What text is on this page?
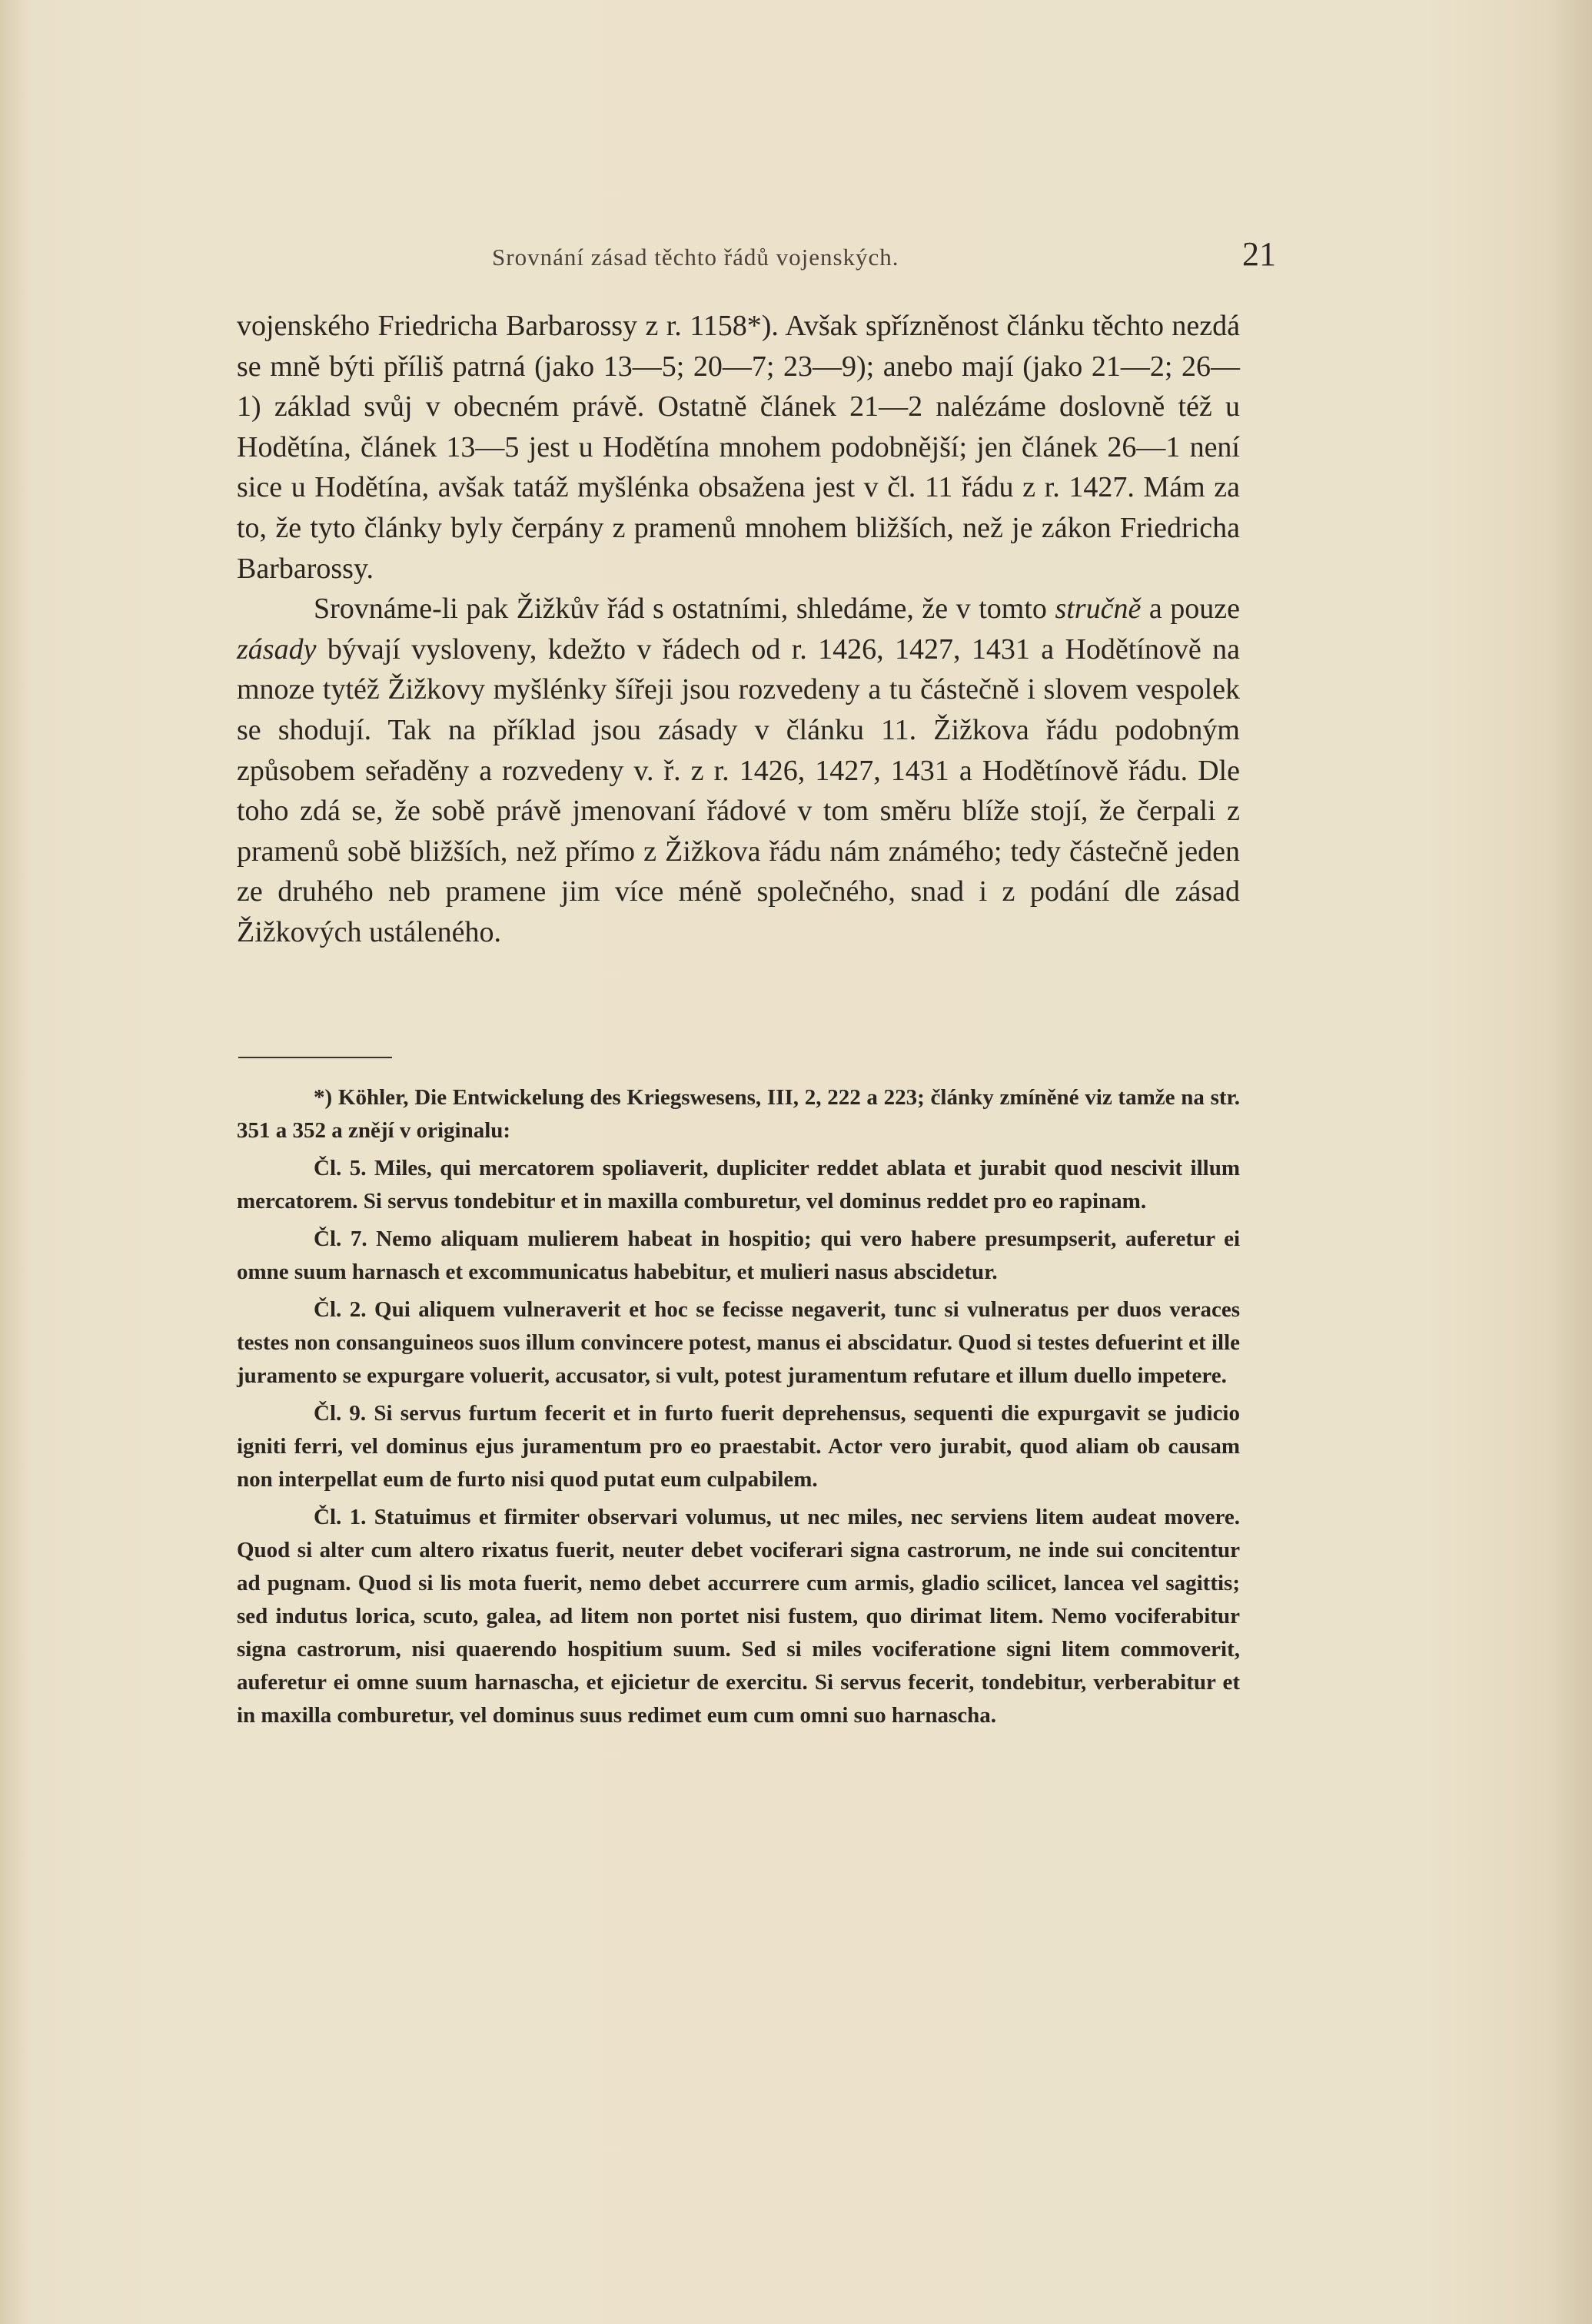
Srovnání zásad těchto řádů vojenských.	21

vojenského Friedricha Barbarossy z r. 1158*). Avšak spřízněnost článku těchto nezdá se mně býti příliš patrná (jako 13—5; 20—7; 23—9); anebo mají (jako 21—2; 26—1) základ svůj v obecném právě. Ostatně článek 21—2 nalézáme doslovně též u Hodětína, článek 13—5 jest u Hodětína mnohem podobnější; jen článek 26—1 není sice u Hodětína, avšak tatáž myšlénka obsažena jest v čl. 11 řádu z r. 1427. Mám za to, že tyto články byly čerpány z pramenů mnohem bližších, než je zákon Friedricha Barbarossy.

Srovnáme-li pak Žižkův řád s ostatními, shledáme, že v tomto stručně a pouze zásady bývají vysloveny, kdežto v řádech od r. 1426, 1427, 1431 a Hodětínově na mnoze tytéž Žižkovy myšlénky šířeji jsou rozvedeny a tu částečně i slovem vespolek se shodují. Tak na příklad jsou zásady v článku 11. Žižkova řádu podobným způsobem seřaděny a rozvedeny v. ř. z r. 1426, 1427, 1431 a Hodětínově řádu. Dle toho zdá se, že sobě právě jmenovaní řádové v tom směru blíže stojí, že čerpali z pramenů sobě bližších, než přímo z Žižkova řádu nám známého; tedy částečně jeden ze druhého neb pramene jim více méně společného, snad i z podání dle zásad Žižkových ustáleného.

*) Köhler, Die Entwickelung des Kriegswesens, III, 2, 222 a 223; články zmíněné viz tamže na str. 351 a 352 a znějí v originalu:

Čl. 5. Miles, qui mercatorem spoliaverit, dupliciter reddet ablata et jurabit quod nescivit illum mercatorem. Si servus tondebitur et in maxilla comburetur, vel dominus reddet pro eo rapinam.

Čl. 7. Nemo aliquam mulierem habeat in hospitio; qui vero habere presumpserit, auferetur ei omne suum harnasch et excommunicatus habebitur, et mulieri nasus abscidetur.

Čl. 2. Qui aliquem vulneraverit et hoc se fecisse negaverit, tunc si vulneratus per duos veraces testes non consanguineos suos illum convincere potest, manus ei abscidatur. Quod si testes defuerint et ille juramento se expurgare voluerit, accusator, si vult, potest juramentum refutare et illum duello impetere.

Čl. 9. Si servus furtum fecerit et in furto fuerit deprehensus, sequenti die expurgavit se judicio igniti ferri, vel dominus ejus juramentum pro eo praestabit. Actor vero jurabit, quod aliam ob causam non interpellat eum de furto nisi quod putat eum culpabilem.

Čl. 1. Statuimus et firmiter observari volumus, ut nec miles, nec serviens litem audeat movere. Quod si alter cum altero rixatus fuerit, neuter debet vociferari signa castrorum, ne inde sui concitentur ad pugnam. Quod si lis mota fuerit, nemo debet accurrere cum armis, gladio scilicet, lancea vel sagittis; sed indutus lorica, scuto, galea, ad litem non portet nisi fustem, quo dirimat litem. Nemo vociferabitur signa castrorum, nisi quaerendo hospitium suum. Sed si miles vociferatione signi litem commoverit, auferetur ei omne suum harnascha, et ejicietur de exercitu. Si servus fecerit, tondebitur, verberabitur et in maxilla comburetur, vel dominus suus redimet eum cum omni suo harnascha.
